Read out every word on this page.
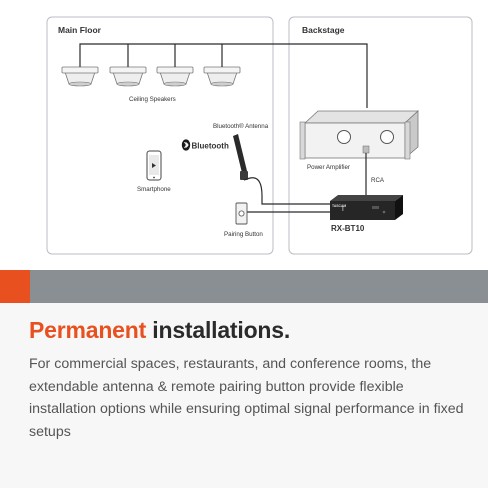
Main Floor	Backstage
Ceiling Speakers
Bluetooth
Bluetooth® Antenna
Smartphone
Pairing Button
Power Amplifier
RCA
TASCAM
RX-BT10
Permanent installations.

For commercial spaces, restaurants, and conference rooms, the extendable antenna & remote pairing button provide flexible installation options while ensuring optimal signal performance in fixed setups
